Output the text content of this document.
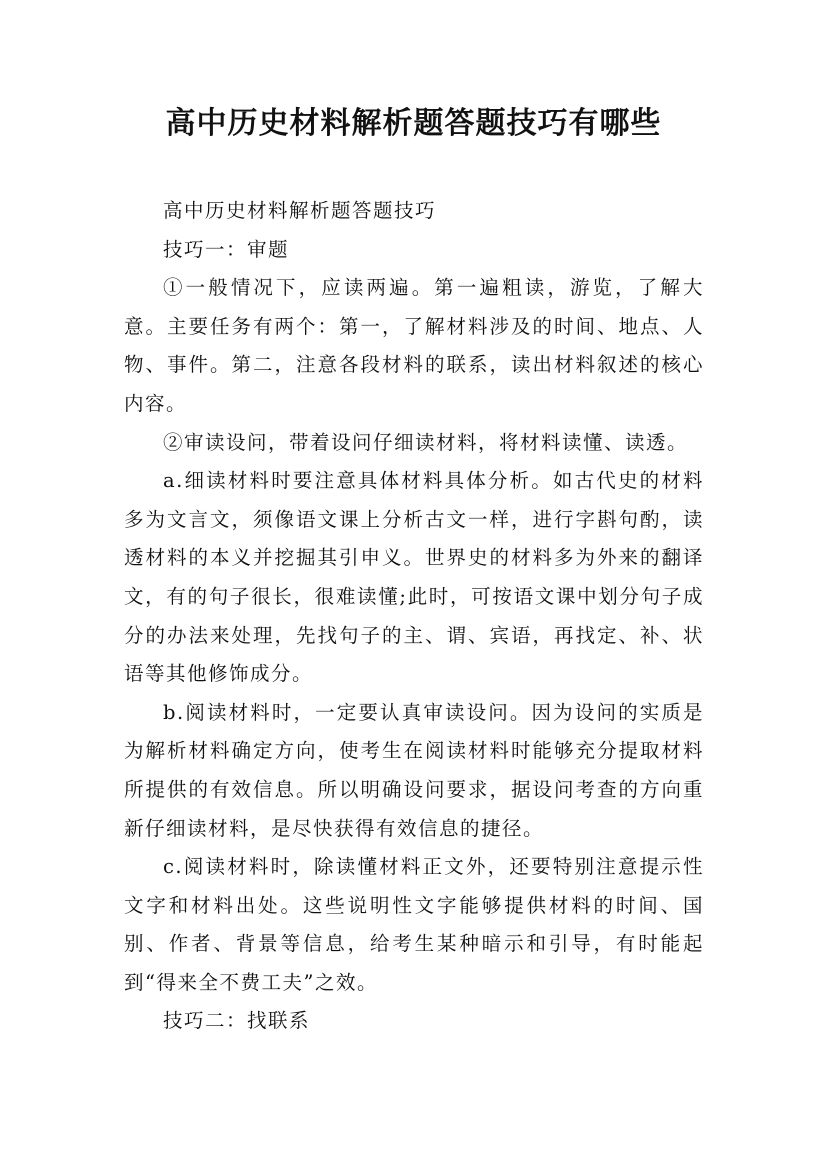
高中历史材料解析题答题技巧有哪些

高中历史材料解析题答题技巧

技巧一：审题

①一般情况下，应读两遍。第一遍粗读，游览，了解大意。主要任务有两个：第一，了解材料涉及的时间、地点、人物、事件。第二，注意各段材料的联系，读出材料叙述的核心内容。

②审读设问，带着设问仔细读材料，将材料读懂、读透。

a.细读材料时要注意具体材料具体分析。如古代史的材料多为文言文，须像语文课上分析古文一样，进行字斟句酌，读透材料的本义并挖掘其引申义。世界史的材料多为外来的翻译文，有的句子很长，很难读懂;此时，可按语文课中划分句子成分的办法来处理，先找句子的主、谓、宾语，再找定、补、状语等其他修饰成分。

b.阅读材料时，一定要认真审读设问。因为设问的实质是为解析材料确定方向，使考生在阅读材料时能够充分提取材料所提供的有效信息。所以明确设问要求，据设问考查的方向重新仔细读材料，是尽快获得有效信息的捷径。

c.阅读材料时，除读懂材料正文外，还要特别注意提示性文字和材料出处。这些说明性文字能够提供材料的时间、国别、作者、背景等信息，给考生某种暗示和引导，有时能起到“得来全不费工夫”之效。

技巧二：找联系
